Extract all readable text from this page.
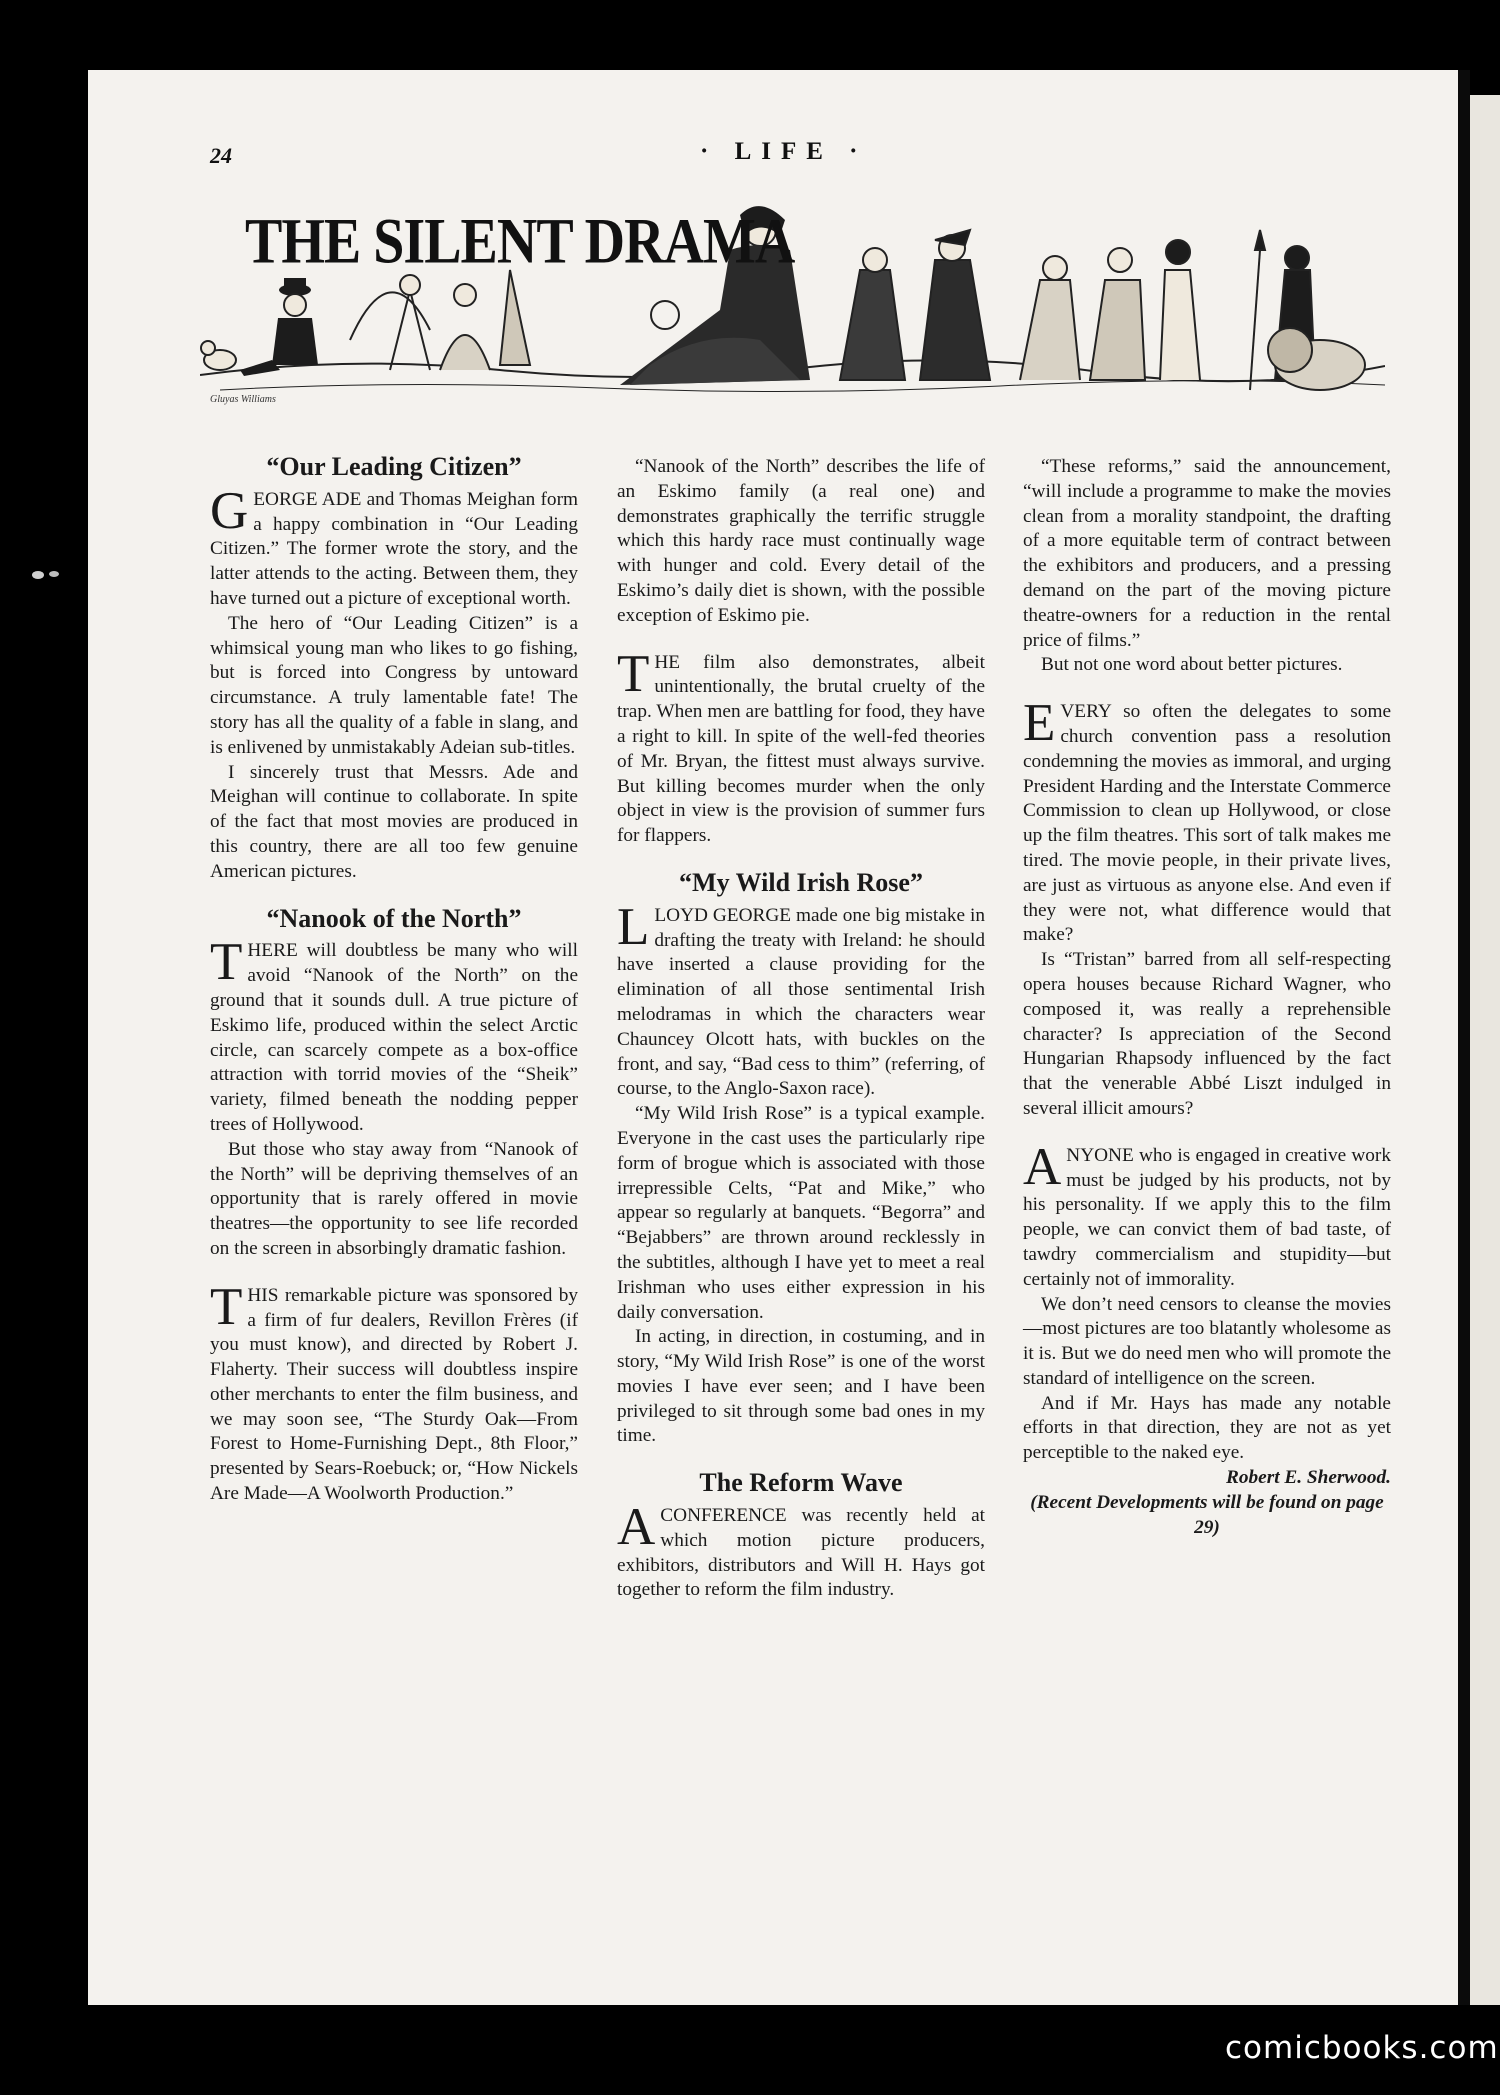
24	· LIFE ·
Gluyas Williams
THE SILENT DRAMA
“Our Leading Citizen”

GEORGE ADE and Thomas Meighan form a happy combination in “Our Leading Citizen.” The former wrote the story, and the latter attends to the acting. Between them, they have turned out a picture of exceptional worth.

The hero of “Our Leading Citizen” is a whimsical young man who likes to go fishing, but is forced into Congress by untoward circumstance. A truly lamentable fate! The story has all the quality of a fable in slang, and is enlivened by unmistakably Adeian sub-titles.

I sincerely trust that Messrs. Ade and Meighan will continue to collaborate. In spite of the fact that most movies are produced in this country, there are all too few genuine American pictures.

“Nanook of the North”

THERE will doubtless be many who will avoid “Nanook of the North” on the ground that it sounds dull. A true picture of Eskimo life, produced within the select Arctic circle, can scarcely compete as a box-office attraction with torrid movies of the “Sheik” variety, filmed beneath the nodding pepper trees of Hollywood.

But those who stay away from “Nanook of the North” will be depriving themselves of an opportunity that is rarely offered in movie theatres—the opportunity to see life recorded on the screen in absorbingly dramatic fashion.

THIS remarkable picture was sponsored by a firm of fur dealers, Revillon Frères (if you must know), and directed by Robert J. Flaherty. Their success will doubtless inspire other merchants to enter the film business, and we may soon see, “The Sturdy Oak—From Forest to Home-Furnishing Dept., 8th Floor,” presented by Sears-Roebuck; or, “How Nickels Are Made—A Woolworth Production.”

“Nanook of the North” describes the life of an Eskimo family (a real one) and demonstrates graphically the terrific struggle which this hardy race must continually wage with hunger and cold. Every detail of the Eskimo’s daily diet is shown, with the possible exception of Eskimo pie.

THE film also demonstrates, albeit unintentionally, the brutal cruelty of the trap. When men are battling for food, they have a right to kill. In spite of the well-fed theories of Mr. Bryan, the fittest must always survive. But killing becomes murder when the only object in view is the provision of summer furs for flappers.

“My Wild Irish Rose”

LLOYD GEORGE made one big mistake in drafting the treaty with Ireland: he should have inserted a clause providing for the elimination of all those sentimental Irish melodramas in which the characters wear Chauncey Olcott hats, with buckles on the front, and say, “Bad cess to thim” (referring, of course, to the Anglo-Saxon race).

“My Wild Irish Rose” is a typical example. Everyone in the cast uses the particularly ripe form of brogue which is associated with those irrepressible Celts, “Pat and Mike,” who appear so regularly at banquets. “Begorra” and “Bejabbers” are thrown around recklessly in the subtitles, although I have yet to meet a real Irishman who uses either expression in his daily conversation.

In acting, in direction, in costuming, and in story, “My Wild Irish Rose” is one of the worst movies I have ever seen; and I have been privileged to sit through some bad ones in my time.

The Reform Wave

A CONFERENCE was recently held at which motion picture producers, exhibitors, distributors and Will H. Hays got together to reform the film industry.

“These reforms,” said the announcement, “will include a programme to make the movies clean from a morality standpoint, the drafting of a more equitable term of contract between the exhibitors and producers, and a pressing demand on the part of the moving picture theatre-owners for a reduction in the rental price of films.”

But not one word about better pictures.

EVERY so often the delegates to some church convention pass a resolution condemning the movies as immoral, and urging President Harding and the Interstate Commerce Commission to clean up Hollywood, or close up the film theatres. This sort of talk makes me tired. The movie people, in their private lives, are just as virtuous as anyone else. And even if they were not, what difference would that make?

Is “Tristan” barred from all self-respecting opera houses because Richard Wagner, who composed it, was really a reprehensible character? Is appreciation of the Second Hungarian Rhapsody influenced by the fact that the venerable Abbé Liszt indulged in several illicit amours?

ANYONE who is engaged in creative work must be judged by his products, not by his personality. If we apply this to the film people, we can convict them of bad taste, of tawdry commercialism and stupidity—but certainly not of immorality.

We don’t need censors to cleanse the movies—most pictures are too blatantly wholesome as it is. But we do need men who will promote the standard of intelligence on the screen.

And if Mr. Hays has made any notable efforts in that direction, they are not as yet perceptible to the naked eye.

Robert E. Sherwood.

(Recent Developments will be found on page 29)

comicbooks.com
